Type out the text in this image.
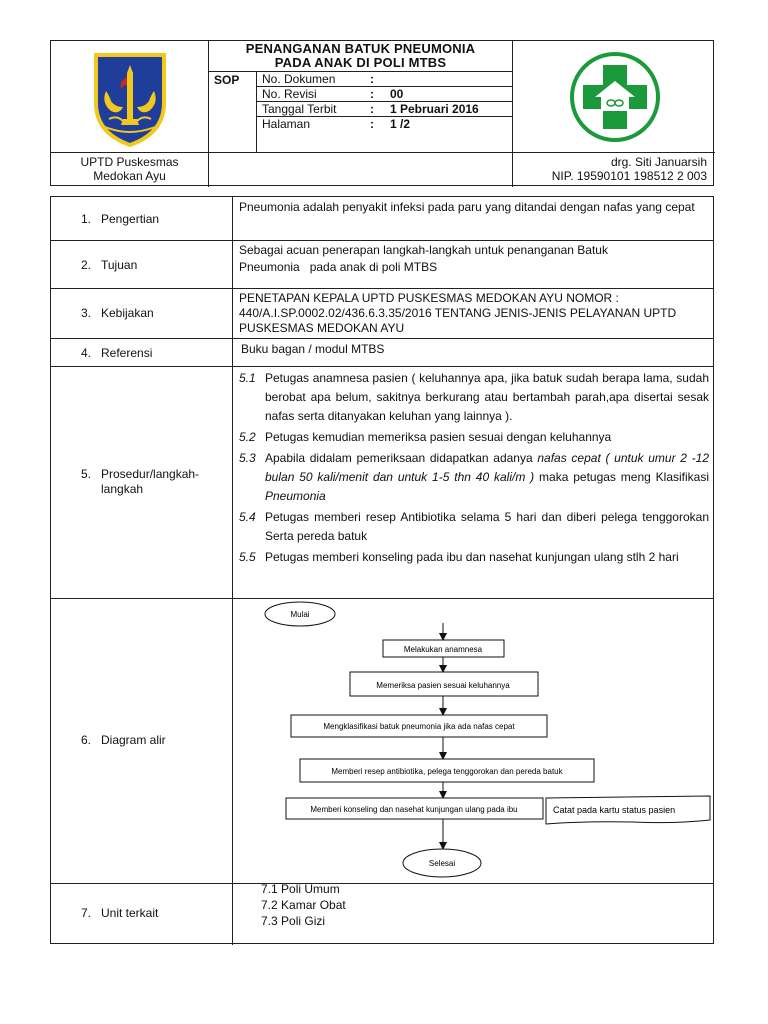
PENANGANAN BATUK PNEUMONIA
PADA ANAK DI POLI MTBS
SOP	No. Dokumen	:
No. Revisi	: 00
Tanggal Terbit	: 1 Pebruari 2016
Halaman	: 1 /2
UPTD Puskesmas
Medokan Ayu
drg. Siti Januarsih
NIP. 19590101 198512 2 003
1. Pengertian
Pneumonia adalah penyakit infeksi pada paru yang ditandai dengan nafas yang cepat
2. Tujuan
Sebagai acuan penerapan langkah-langkah untuk penanganan Batuk
Pneumonia   pada anak di poli MTBS
3. Kebijakan
PENETAPAN KEPALA UPTD PUSKESMAS MEDOKAN AYU NOMOR : 440/A.I.SP.0002.02/436.6.3.35/2016 TENTANG JENIS-JENIS PELAYANAN UPTD PUSKESMAS MEDOKAN AYU
4. Referensi	Buku bagan / modul MTBS
5. Prosedur/langkah-
langkah
5.1 Petugas anamnesa pasien ( keluhannya apa, jika batuk sudah berapa lama, sudah berobat apa belum, sakitnya berkurang atau bertambah parah,apa disertai sesak nafas serta ditanyakan keluhan yang lainnya ).
5.2 Petugas kemudian memeriksa pasien sesuai dengan keluhannya
5.3 Apabila didalam pemeriksaan didapatkan adanya nafas cepat ( untuk umur 2 -12 bulan 50 kali/menit dan untuk 1-5 thn 40 kali/m ) maka petugas meng Klasifikasi Pneumonia
5.4 Petugas memberi resep Antibiotika selama 5 hari dan diberi pelega tenggorokan Serta pereda batuk
5.5 Petugas memberi konseling pada ibu dan nasehat kunjungan ulang stlh 2 hari
6. Diagram alir
Mulai
Melakukan anamnesa
Memeriksa pasien sesuai keluhannya
Mengklasifikasi batuk pneumonia jika ada nafas cepat
Memberi resep antibiotika, pelega tenggorokan dan pereda batuk
Memberi konseling dan nasehat kunjungan ulang pada ibu	Catat pada kartu status pasien
Selesai
7. Unit terkait
7.1 Poli Umum
7.2 Kamar Obat
7.3 Poli Gizi
